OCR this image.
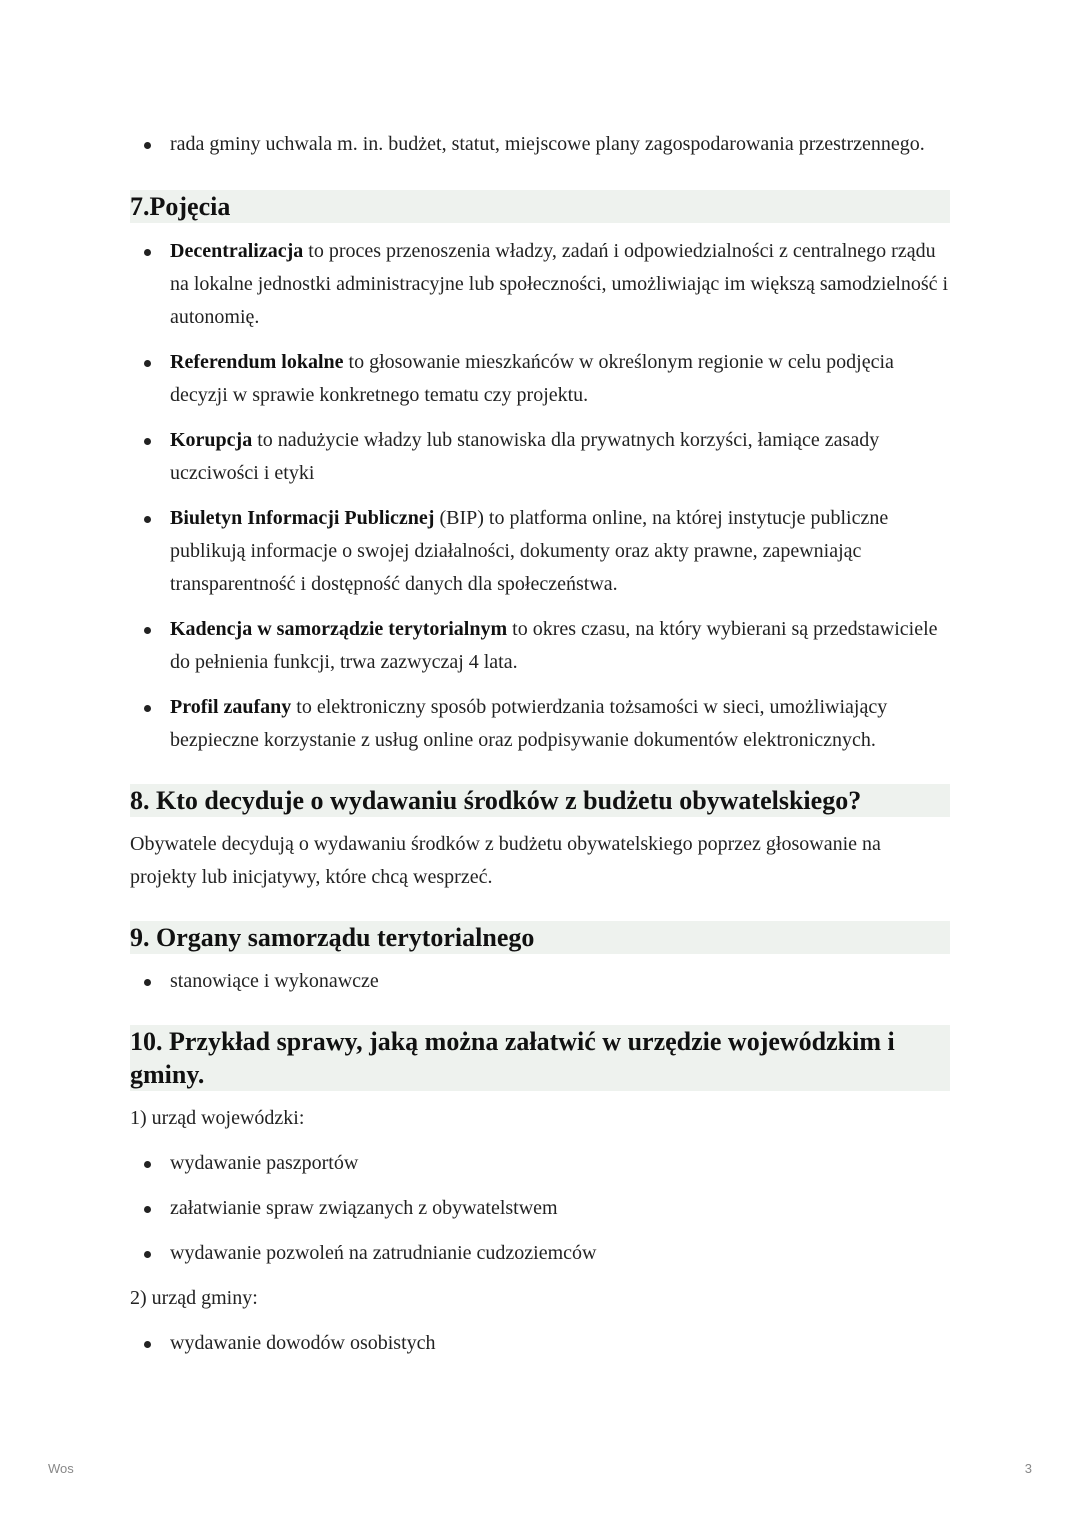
rada gminy uchwala m. in. budżet, statut, miejscowe plany zagospodarowania przestrzennego.
7.Pojęcia
Decentralizacja to proces przenoszenia władzy, zadań i odpowiedzialności z centralnego rządu na lokalne jednostki administracyjne lub społeczności, umożliwiając im większą samodzielność i autonomię.
Referendum lokalne to głosowanie mieszkańców w określonym regionie w celu podjęcia decyzji w sprawie konkretnego tematu czy projektu.
Korupcja to nadużycie władzy lub stanowiska dla prywatnych korzyści, łamiące zasady uczciwości i etyki
Biuletyn Informacji Publicznej (BIP) to platforma online, na której instytucje publiczne publikują informacje o swojej działalności, dokumenty oraz akty prawne, zapewniając transparentność i dostępność danych dla społeczeństwa.
Kadencja w samorządzie terytorialnym to okres czasu, na który wybierani są przedstawiciele do pełnienia funkcji, trwa zazwyczaj 4 lata.
Profil zaufany to elektroniczny sposób potwierdzania tożsamości w sieci, umożliwiający bezpieczne korzystanie z usług online oraz podpisywanie dokumentów elektronicznych.
8. Kto decyduje o wydawaniu środków z budżetu obywatelskiego?

Obywatele decydują o wydawaniu środków z budżetu obywatelskiego poprzez głosowanie na projekty lub inicjatywy, które chcą wesprzeć.

9. Organy samorządu terytorialnego
stanowiące i wykonawcze
10. Przykład sprawy, jaką można załatwić w urzędzie wojewódzkim i gminy.

1) urząd wojewódzki:

wydawanie paszportów
załatwianie spraw związanych z obywatelstwem
wydawanie pozwoleń na zatrudnianie cudzoziemców

2) urząd gminy:

wydawanie dowodów osobistych
Wos	3
